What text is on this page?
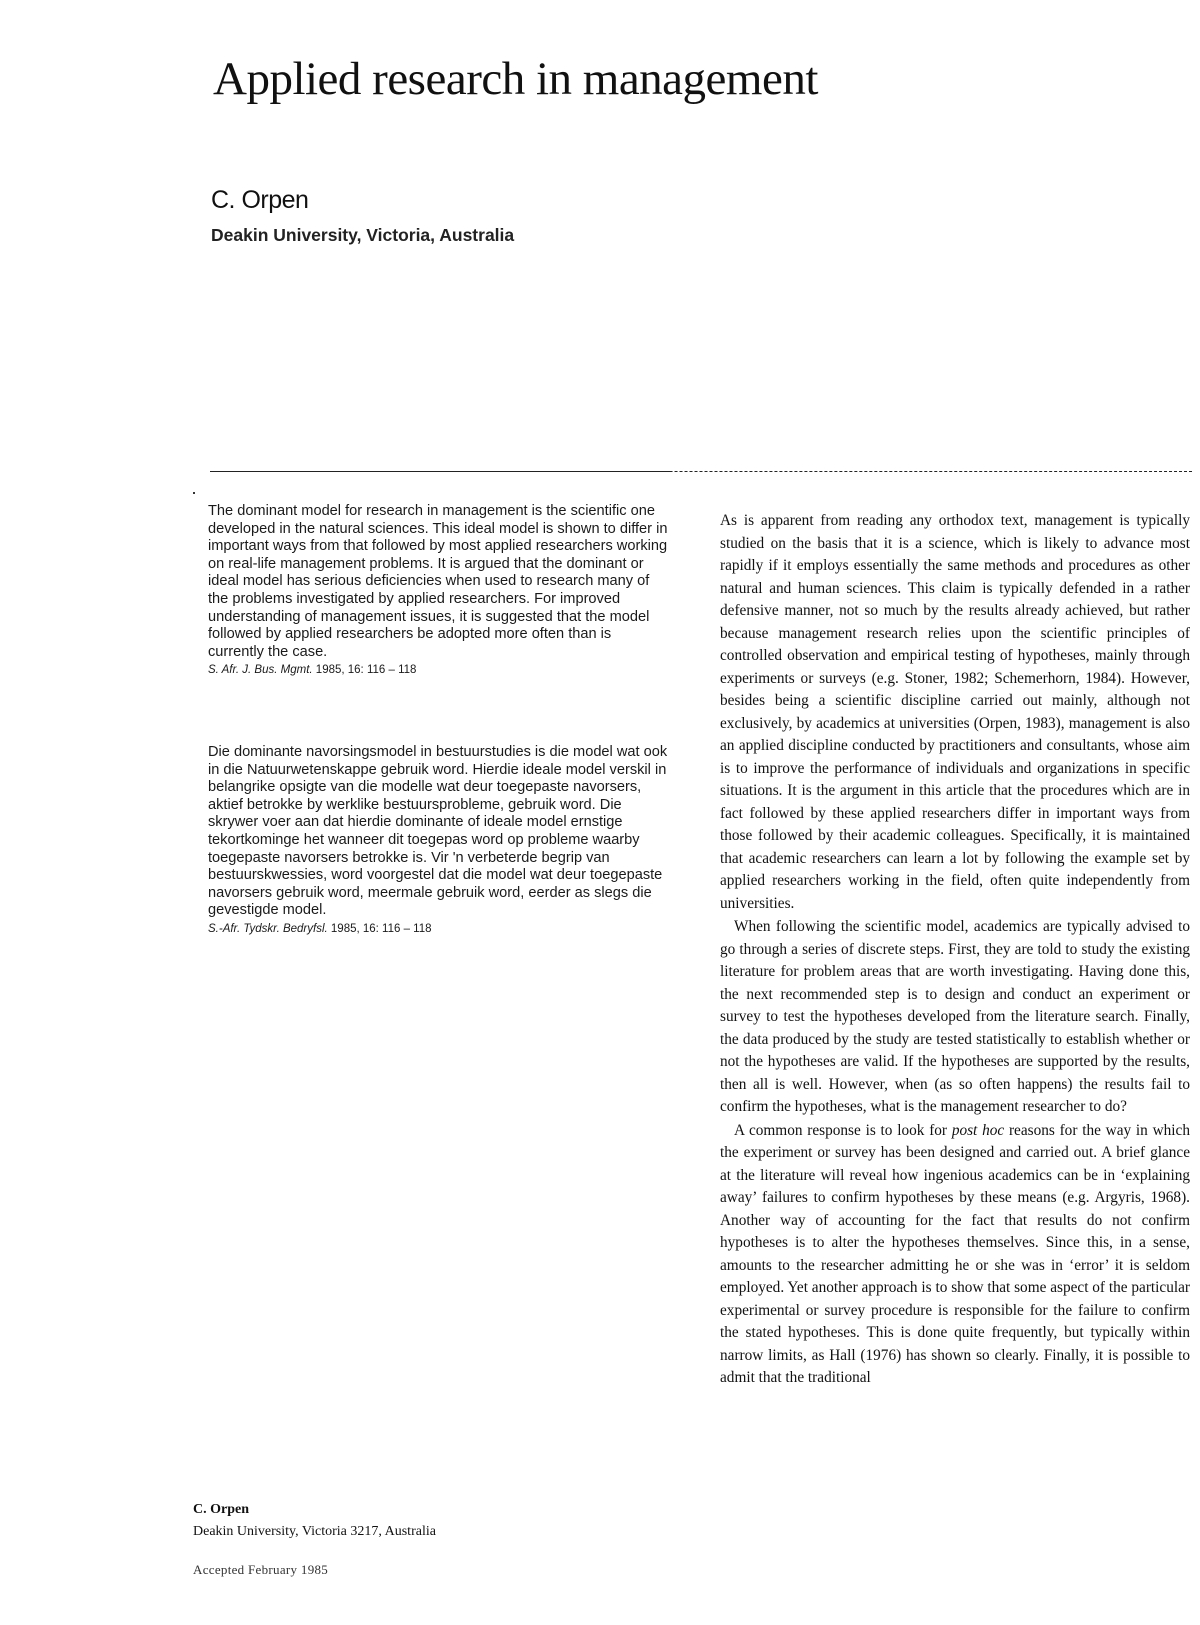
Applied research in management
C. Orpen
Deakin University, Victoria, Australia

The dominant model for research in management is the scientific one developed in the natural sciences. This ideal model is shown to differ in important ways from that followed by most applied researchers working on real-life management problems. It is argued that the dominant or ideal model has serious deficiencies when used to research many of the problems investigated by applied researchers. For improved understanding of management issues, it is suggested that the model followed by applied researchers be adopted more often than is currently the case.

S. Afr. J. Bus. Mgmt. 1985, 16: 116 – 118

Die dominante navorsingsmodel in bestuurstudies is die model wat ook in die Natuurwetenskappe gebruik word. Hierdie ideale model verskil in belangrike opsigte van die modelle wat deur toegepaste navorsers, aktief betrokke by werklike bestuursprobleme, gebruik word. Die skrywer voer aan dat hierdie dominante of ideale model ernstige tekortkominge het wanneer dit toegepas word op probleme waarby toegepaste navorsers betrokke is. Vir 'n verbeterde begrip van bestuurskwessies, word voorgestel dat die model wat deur toegepaste navorsers gebruik word, meermale gebruik word, eerder as slegs die gevestigde model.

S.-Afr. Tydskr. Bedryfsl. 1985, 16: 116 – 118

As is apparent from reading any orthodox text, management is typically studied on the basis that it is a science, which is likely to advance most rapidly if it employs essentially the same methods and procedures as other natural and human sciences. This claim is typically defended in a rather defensive manner, not so much by the results already achieved, but rather because management research relies upon the scientific principles of controlled observation and empirical testing of hypotheses, mainly through experiments or surveys (e.g. Stoner, 1982; Schemerhorn, 1984). However, besides being a scientific discipline carried out mainly, although not exclusively, by academics at universities (Orpen, 1983), management is also an applied discipline conducted by practitioners and consultants, whose aim is to improve the performance of individuals and organizations in specific situations. It is the argument in this article that the procedures which are in fact followed by these applied researchers differ in important ways from those followed by their academic colleagues. Specifically, it is maintained that academic researchers can learn a lot by following the example set by applied researchers working in the field, often quite independently from universities.

When following the scientific model, academics are typically advised to go through a series of discrete steps. First, they are told to study the existing literature for problem areas that are worth investigating. Having done this, the next recommended step is to design and conduct an experiment or survey to test the hypotheses developed from the literature search. Finally, the data produced by the study are tested statistically to establish whether or not the hypotheses are valid. If the hypotheses are supported by the results, then all is well. However, when (as so often happens) the results fail to confirm the hypotheses, what is the management researcher to do?

A common response is to look for post hoc reasons for the way in which the experiment or survey has been designed and carried out. A brief glance at the literature will reveal how ingenious academics can be in ‘explaining away’ failures to confirm hypotheses by these means (e.g. Argyris, 1968). Another way of accounting for the fact that results do not confirm hypotheses is to alter the hypotheses themselves. Since this, in a sense, amounts to the researcher admitting he or she was in ‘error’ it is seldom employed. Yet another approach is to show that some aspect of the particular experimental or survey procedure is responsible for the failure to confirm the stated hypotheses. This is done quite frequently, but typically within narrow limits, as Hall (1976) has shown so clearly. Finally, it is possible to admit that the traditional

C. Orpen
Deakin University, Victoria 3217, Australia
Accepted February 1985
